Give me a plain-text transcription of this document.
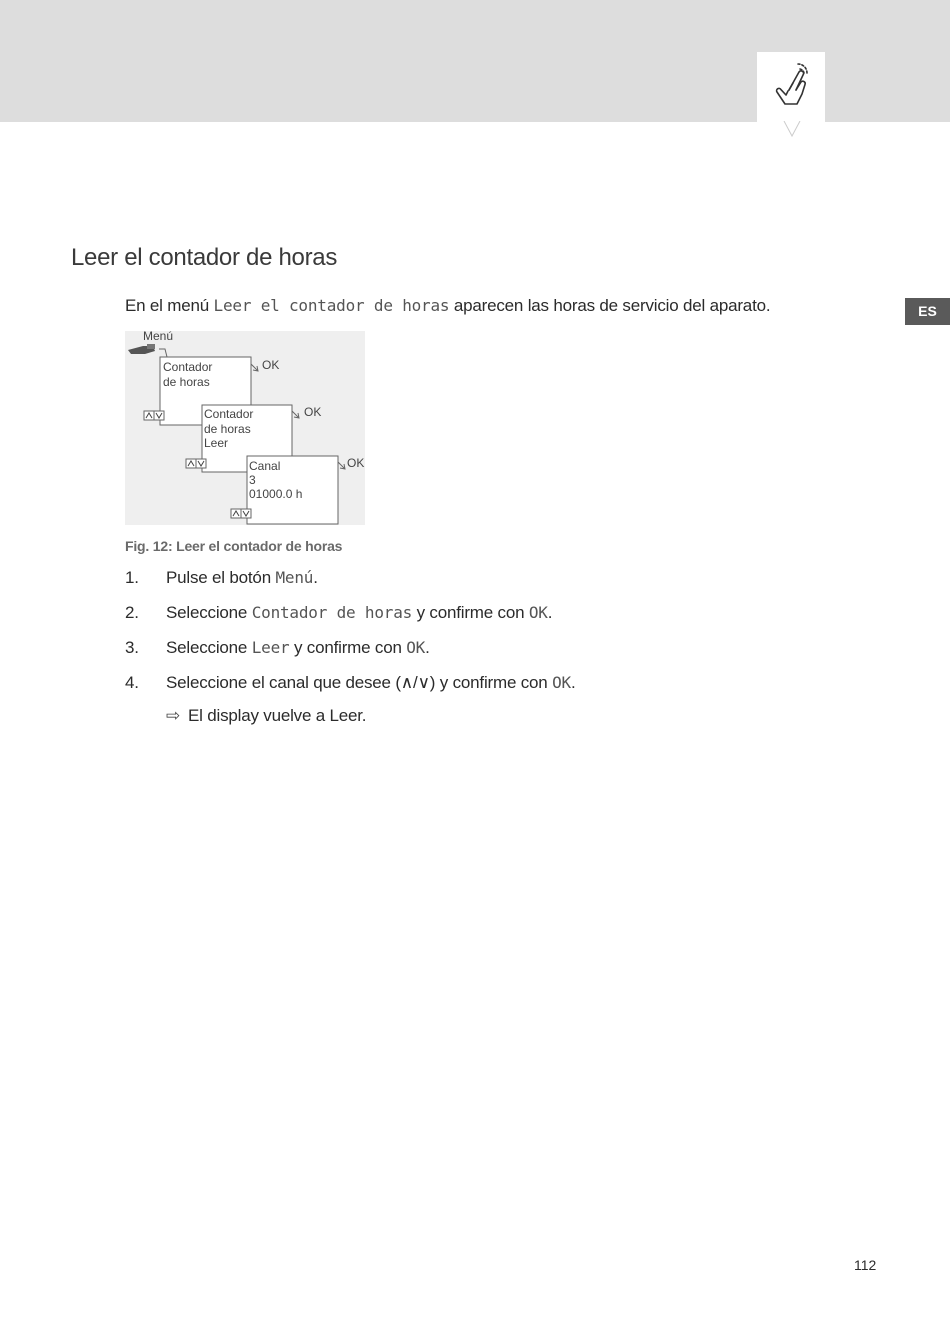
ES
Leer el contador de horas
En el menú Leer el contador de horas aparecen las horas de servicio del aparato.
Menú
Contador
de horas
Contador
de horas
Leer
Canal
3
01000.0 h
OK
OK
OK
Fig. 12: Leer el contador de horas
1. Pulse el botón Menú.
2. Seleccione Contador de horas y confirme con OK.
3. Seleccione Leer y confirme con OK.
4. Seleccione el canal que desee (∧/∨) y confirme con OK.
⇨ El display vuelve a Leer.
112
